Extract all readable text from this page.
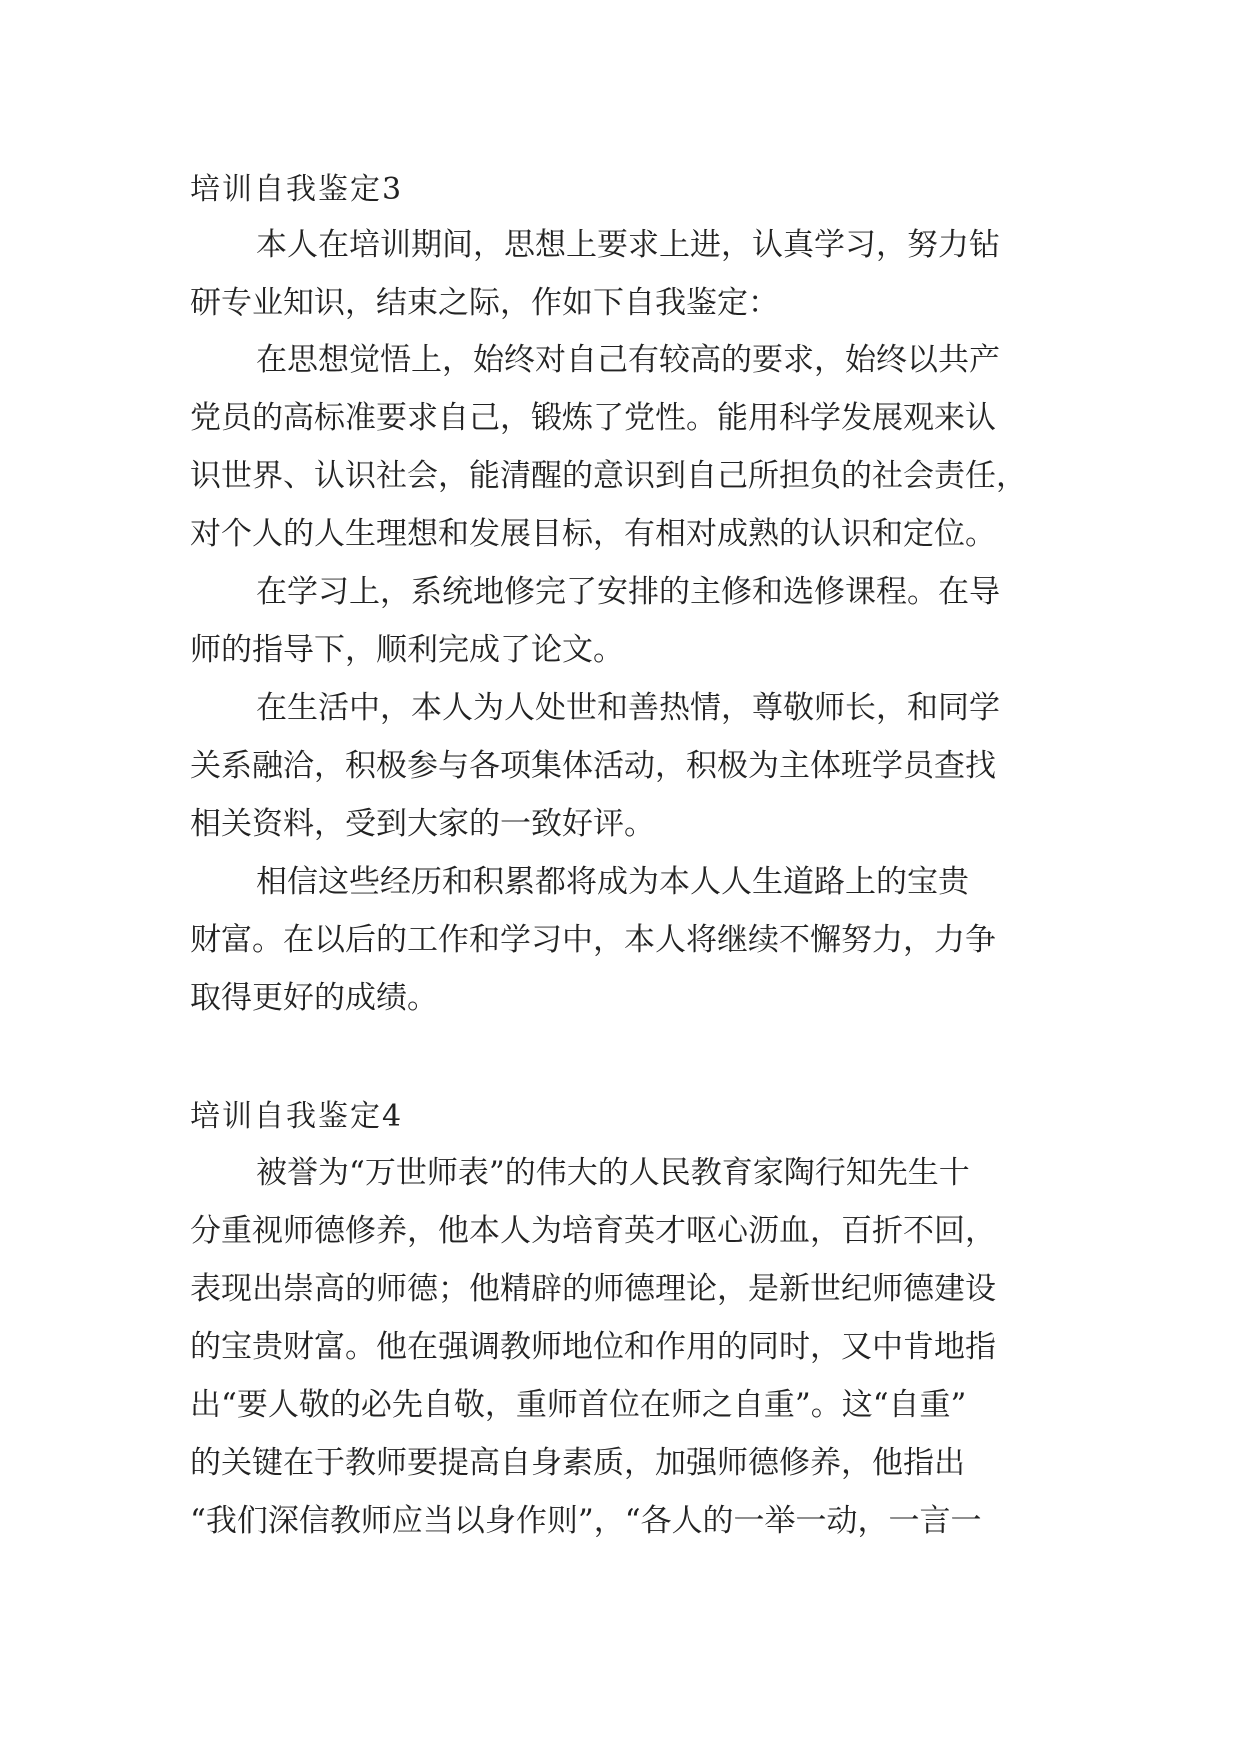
培训自我鉴定3

本人在培训期间，思想上要求上进，认真学习，努力钻

研专业知识，结束之际，作如下自我鉴定：

在思想觉悟上，始终对自己有较高的要求，始终以共产

党员的高标准要求自己，锻炼了党性。能用科学发展观来认

识世界、认识社会，能清醒的意识到自己所担负的社会责任，

对个人的人生理想和发展目标，有相对成熟的认识和定位。

在学习上，系统地修完了安排的主修和选修课程。在导

师的指导下，顺利完成了论文。

在生活中，本人为人处世和善热情，尊敬师长，和同学

关系融洽，积极参与各项集体活动，积极为主体班学员查找

相关资料，受到大家的一致好评。

相信这些经历和积累都将成为本人人生道路上的宝贵

财富。在以后的工作和学习中，本人将继续不懈努力，力争

取得更好的成绩。

培训自我鉴定4

被誉为“万世师表”的伟大的人民教育家陶行知先生十

分重视师德修养，他本人为培育英才呕心沥血，百折不回，

表现出崇高的师德；他精辟的师德理论，是新世纪师德建设

的宝贵财富。他在强调教师地位和作用的同时，又中肯地指

出“要人敬的必先自敬，重师首位在师之自重”。这“自重”

的关键在于教师要提高自身素质，加强师德修养，他指出

“我们深信教师应当以身作则”，“各人的一举一动，一言一
